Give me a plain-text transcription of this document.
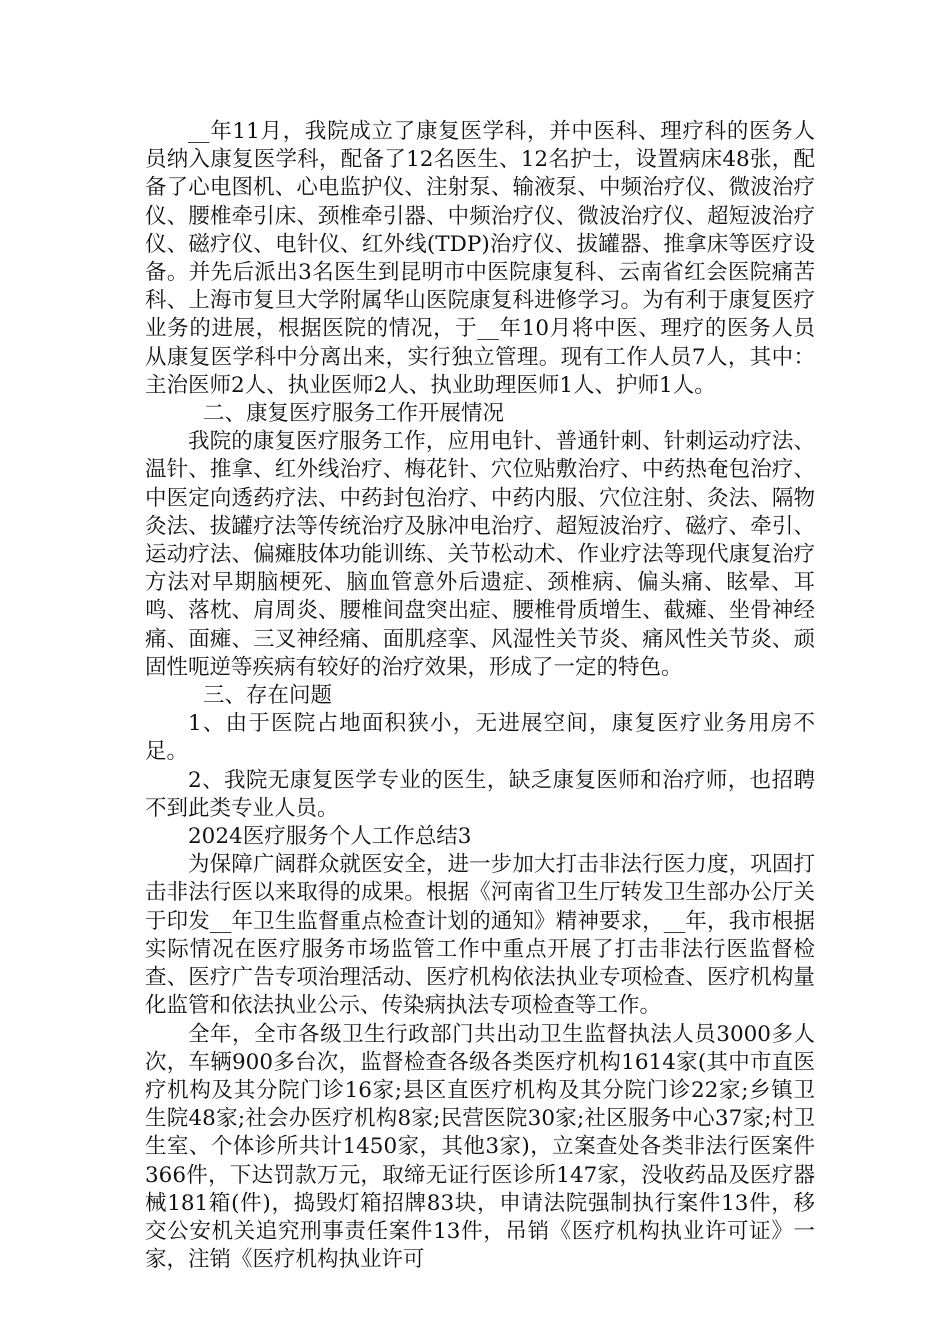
__年11月，我院成立了康复医学科，并中医科、理疗科的医务人员纳入康复医学科，配备了12名医生、12名护士，设置病床48张，配备了心电图机、心电监护仪、注射泵、输液泵、中频治疗仪、微波治疗仪、腰椎牵引床、颈椎牵引器、中频治疗仪、微波治疗仪、超短波治疗仪、磁疗仪、电针仪、红外线(TDP)治疗仪、拔罐器、推拿床等医疗设备。并先后派出3名医生到昆明市中医院康复科、云南省红会医院痛苦科、上海市复旦大学附属华山医院康复科进修学习。为有利于康复医疗业务的进展，根据医院的情况，于__年10月将中医、理疗的医务人员从康复医学科中分离出来，实行独立管理。现有工作人员7人，其中：主治医师2人、执业医师2人、执业助理医师1人、护师1人。

二、康复医疗服务工作开展情况

我院的康复医疗服务工作，应用电针、普通针刺、针刺运动疗法、温针、推拿、红外线治疗、梅花针、穴位贴敷治疗、中药热奄包治疗、中医定向透药疗法、中药封包治疗、中药内服、穴位注射、灸法、隔物灸法、拔罐疗法等传统治疗及脉冲电治疗、超短波治疗、磁疗、牵引、运动疗法、偏瘫肢体功能训练、关节松动术、作业疗法等现代康复治疗方法对早期脑梗死、脑血管意外后遗症、颈椎病、偏头痛、眩晕、耳鸣、落枕、肩周炎、腰椎间盘突出症、腰椎骨质增生、截瘫、坐骨神经痛、面瘫、三叉神经痛、面肌痉挛、风湿性关节炎、痛风性关节炎、顽固性呃逆等疾病有较好的治疗效果，形成了一定的特色。

三、存在问题

1、由于医院占地面积狭小，无进展空间，康复医疗业务用房不足。

2、我院无康复医学专业的医生，缺乏康复医师和治疗师，也招聘不到此类专业人员。

2024医疗服务个人工作总结3

为保障广阔群众就医安全，进一步加大打击非法行医力度，巩固打击非法行医以来取得的成果。根据《河南省卫生厅转发卫生部办公厅关于印发__年卫生监督重点检查计划的通知》精神要求，__年，我市根据实际情况在医疗服务市场监管工作中重点开展了打击非法行医监督检查、医疗广告专项治理活动、医疗机构依法执业专项检查、医疗机构量化监管和依法执业公示、传染病执法专项检查等工作。

全年，全市各级卫生行政部门共出动卫生监督执法人员3000多人次，车辆900多台次，监督检查各级各类医疗机构1614家(其中市直医疗机构及其分院门诊16家;县区直医疗机构及其分院门诊22家;乡镇卫生院48家;社会办医疗机构8家;民营医院30家;社区服务中心37家;村卫生室、个体诊所共计1450家，其他3家)，立案查处各类非法行医案件366件，下达罚款万元，取缔无证行医诊所147家，没收药品及医疗器械181箱(件)，捣毁灯箱招牌83块，申请法院强制执行案件13件，移交公安机关追究刑事责任案件13件，吊销《医疗机构执业许可证》一家，注销《医疗机构执业许可
